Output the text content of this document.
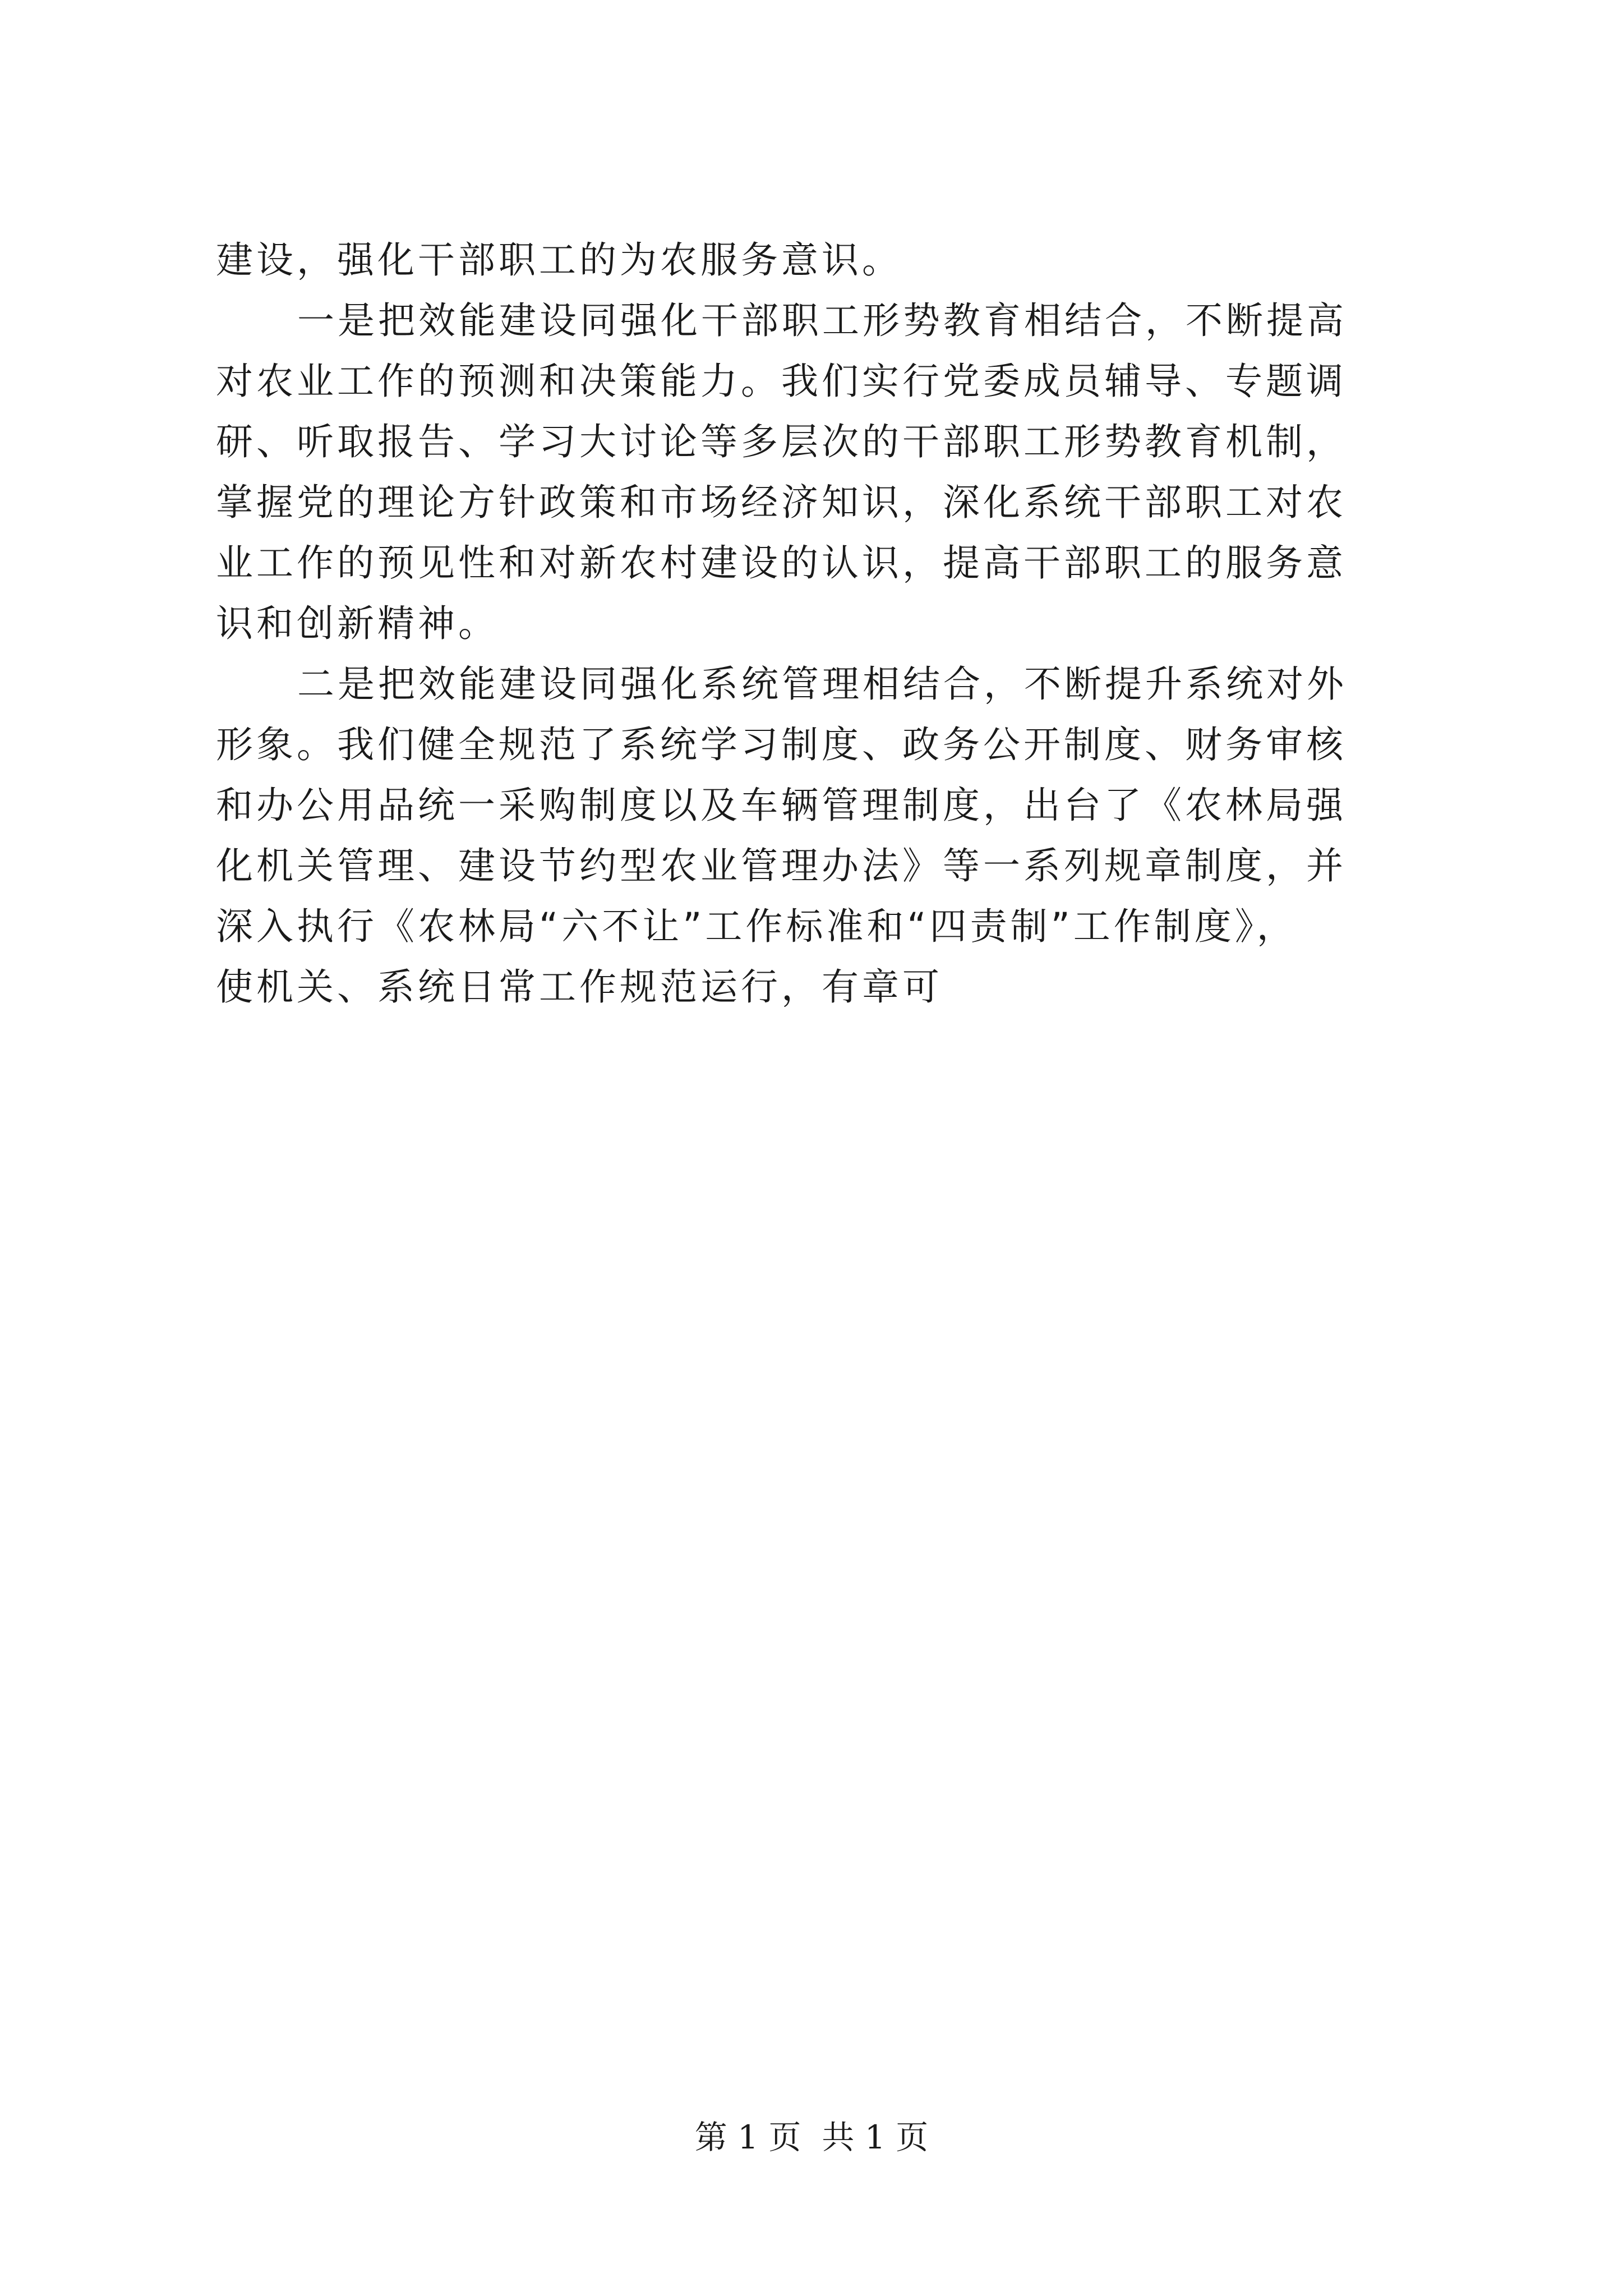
建设，强化干部职工的为农服务意识。
一是把效能建设同强化干部职工形势教育相结合，不断提高
对农业工作的预测和决策能力。我们实行党委成员辅导、专题调
研、听取报告、学习大讨论等多层次的干部职工形势教育机制，
掌握党的理论方针政策和市场经济知识，深化系统干部职工对农
业工作的预见性和对新农村建设的认识，提高干部职工的服务意
识和创新精神。
二是把效能建设同强化系统管理相结合，不断提升系统对外
形象。我们健全规范了系统学习制度、政务公开制度、财务审核
和办公用品统一采购制度以及车辆管理制度，出台了《农林局强
化机关管理、建设节约型农业管理办法》等一系列规章制度，并
深入执行《农林局“六不让”工作标准和“四责制”工作制度》，
使机关、系统日常工作规范运行，有章可
第 1 页  共 1 页
